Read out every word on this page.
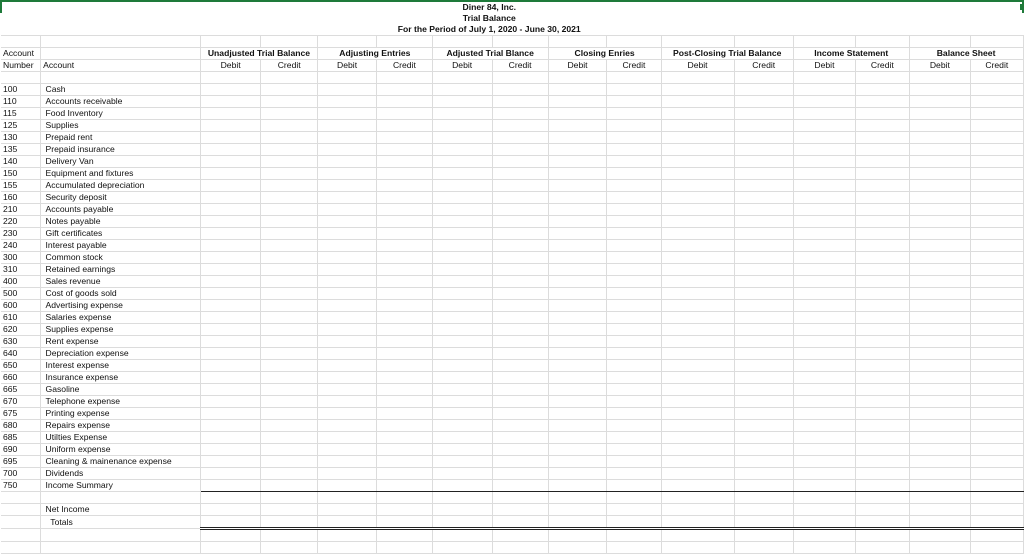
				Diner 84, Inc.											
				Trial Balance											
				For the Period of July 1, 2020 - June 30, 2021											

Account		Unadjusted Trial Balance		Adjusting Entries		Adjusted Trial Blance		Closing Enries		Post-Closing Trial Balance		Income Statement		Balance Sheet	
Number	Account	Debit	Credit	Debit	Credit	Debit	Credit	Debit	Credit	Debit	Credit	Debit	Credit	Debit	Credit

100	Cash														
110	Accounts receivable														
115	Food Inventory														
125	Supplies														
130	Prepaid rent														
135	Prepaid insurance														
140	Delivery Van														
150	Equipment and fixtures														
155	Accumulated depreciation														
160	Security deposit														
210	Accounts payable														
220	Notes payable														
230	Gift certificates														
240	Interest payable														
300	Common stock														
310	Retained earnings														
400	Sales revenue														
500	Cost of goods sold														
600	Advertising expense														
610	Salaries expense														
620	Supplies expense														
630	Rent expense														
640	Depreciation expense														
650	Interest expense														
660	Insurance expense														
665	Gasoline														
670	Telephone expense														
675	Printing expense														
680	Repairs expense														
685	Utilties Expense														
690	Uniform expense														
695	Cleaning & mainenance expense														
700	Dividends														
750	Income Summary														

	Net Income														
	Totals														
